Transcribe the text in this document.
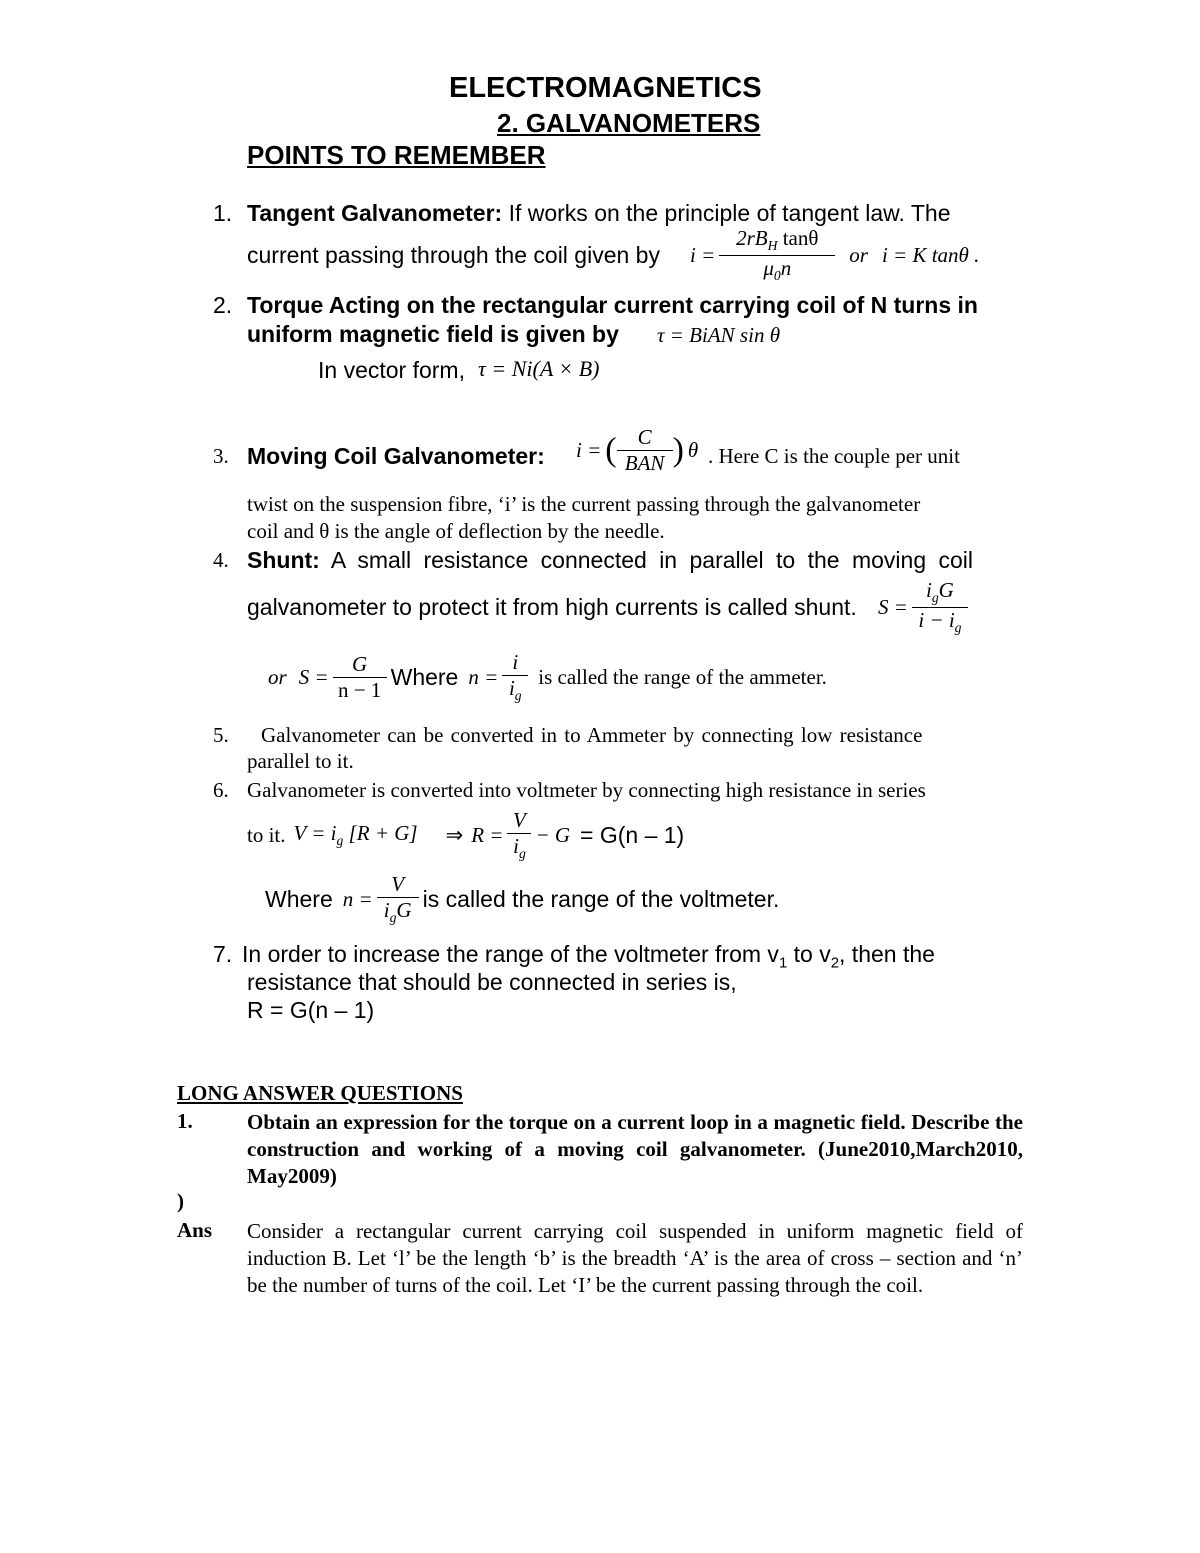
ELECTROMAGNETICS
2. GALVANOMETERS
POINTS TO REMEMBER
1. Tangent Galvanometer: If works on the principle of tangent law. The
current passing through the coil given by $i = \frac{2rB_H \tan\theta}{\mu_0n}$ or i = K tanθ .
2. Torque Acting on the rectangular current carrying coil of N turns in
uniform magnetic field is given by τ = BiAN sin θ
In vector form, τ = Ni(A × B)
3. Moving Coil Galvanometer: i = ( $\frac{C}{\text{BAN}}$ ) θ . Here C is the couple per unit
twist on the suspension fibre, ‘i’ is the current passing through the galvanometer
coil and θ is the angle of deflection by the needle.
4. Shunt: A small resistance connected in parallel to the moving coil
galvanometer to protect it from high currents is called shunt. $S = \frac{i_gG}{i - i_g}$
or $S = \frac{G}{n - 1}$ Where $n = \frac{i}{i_g}$ is called the range of the ammeter.
5. Galvanometer can be converted in to Ammeter by connecting low resistance
parallel to it.
6. Galvanometer is converted into voltmeter by connecting high resistance in series
to it. $V = i_g$ [R + G] ⇒ $R = \frac{V}{i_g} - G = G(n - 1)$
Where $n = \frac{V}{i_gG}$ is called the range of the voltmeter.
7. In order to increase the range of the voltmeter from $v_1$ to $v_2$, then the
resistance that should be connected in series is,
R = G(n – 1)
LONG ANSWER QUESTIONS
1.	Obtain an expression for the torque on a current loop in a magnetic field. Describe the construction and working of a moving coil galvanometer. (June2010,March2010, May2009)
)
Ans Consider a rectangular current carrying coil suspended in uniform magnetic field of induction B. Let ‘l’ be the length ‘b’ is the breadth ‘A’ is the area of cross – section and ‘n’ be the number of turns of the coil. Let ‘I’ be the current passing through the coil.
